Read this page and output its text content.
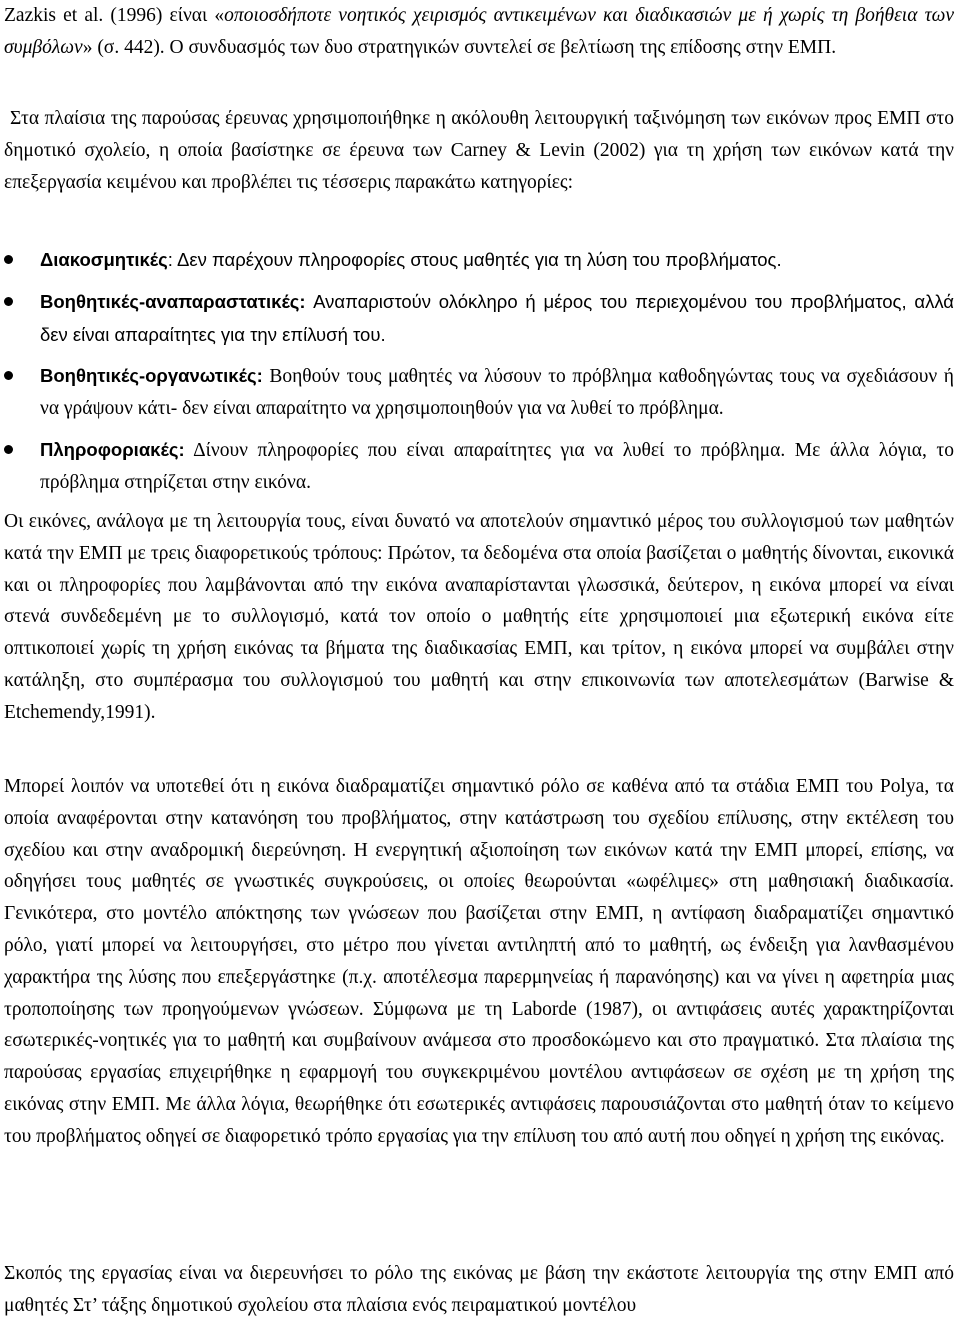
Zazkis et al. (1996) είναι «οποιοσδήποτε νοητικός χειρισμός αντικειμένων και διαδικασιών με ή χωρίς τη βοήθεια των συμβόλων» (σ. 442). Ο συνδυασμός των δυο στρατηγικών συντελεί σε βελτίωση της επίδοσης στην ΕΜΠ.

Στα πλαίσια της παρούσας έρευνας χρησιμοποιήθηκε η ακόλουθη λειτουργική ταξινόμηση των εικόνων προς ΕΜΠ στο δημοτικό σχολείο, η οποία βασίστηκε σε έρευνα των Carney & Levin (2002) για τη χρήση των εικόνων κατά την επεξεργασία κειμένου και προβλέπει τις τέσσερις παρακάτω κατηγορίες:

Διακοσμητικές: Δεν παρέχουν πληροφορίες στους μαθητές για τη λύση του προβλήματος.
Βοηθητικές-αναπαραστατικές: Αναπαριστούν ολόκληρο ή μέρος του περιεχομένου του προβλήματος, αλλά δεν είναι απαραίτητες για την επίλυσή του.
Βοηθητικές-οργανωτικές: Βοηθούν τους μαθητές να λύσουν το πρόβλημα καθοδηγώντας τους να σχεδιάσουν ή να γράψουν κάτι- δεν είναι απαραίτητο να χρησιμοποιηθούν για να λυθεί το πρόβλημα.
Πληροφοριακές: Δίνουν πληροφορίες που είναι απαραίτητες για να λυθεί το πρόβλημα. Με άλλα λόγια, το πρόβλημα στηρίζεται στην εικόνα.

Οι εικόνες, ανάλογα με τη λειτουργία τους, είναι δυνατό να αποτελούν σημαντικό μέρος του συλλογισμού των μαθητών κατά την ΕΜΠ με τρεις διαφορετικούς τρόπους: Πρώτον, τα δεδομένα στα οποία βασίζεται ο μαθητής δίνονται, εικονικά και οι πληροφορίες που λαμβάνονται από την εικόνα αναπαρίστανται γλωσσικά, δεύτερον, η εικόνα μπορεί να είναι στενά συνδεδεμένη με το συλλογισμό, κατά τον οποίο ο μαθητής είτε χρησιμοποιεί μια εξωτερική εικόνα είτε οπτικοποιεί χωρίς τη χρήση εικόνας τα βήματα της διαδικασίας ΕΜΠ, και τρίτον, η εικόνα μπορεί να συμβάλει στην κατάληξη, στο συμπέρασμα του συλλογισμού του μαθητή και στην επικοινωνία των αποτελεσμάτων (Barwise & Etchemendy,1991).

Μπορεί λοιπόν να υποτεθεί ότι η εικόνα διαδραματίζει σημαντικό ρόλο σε καθένα από τα στάδια ΕΜΠ του Polya, τα οποία αναφέρονται στην κατανόηση του προβλήματος, στην κατάστρωση του σχεδίου επίλυσης, στην εκτέλεση του σχεδίου και στην αναδρομική διερεύνηση. Η ενεργητική αξιοποίηση των εικόνων κατά την ΕΜΠ μπορεί, επίσης, να οδηγήσει τους μαθητές σε γνωστικές συγκρούσεις, οι οποίες θεωρούνται «ωφέλιμες» στη μαθησιακή διαδικασία. Γενικότερα, στο μοντέλο απόκτησης των γνώσεων που βασίζεται στην ΕΜΠ, η αντίφαση διαδραματίζει σημαντικό ρόλο, γιατί μπορεί να λειτουργήσει, στο μέτρο που γίνεται αντιληπτή από το μαθητή, ως ένδειξη για λανθασμένου χαρακτήρα της λύσης που επεξεργάστηκε (π.χ. αποτέλεσμα παρερμηνείας ή παρανόησης) και να γίνει η αφετηρία μιας τροποποίησης των προηγούμενων γνώσεων. Σύμφωνα με τη Laborde (1987), οι αντιφάσεις αυτές χαρακτηρίζονται εσωτερικές-νοητικές για το μαθητή και συμβαίνουν ανάμεσα στο προσδοκώμενο και στο πραγματικό. Στα πλαίσια της παρούσας εργασίας επιχειρήθηκε η εφαρμογή του συγκεκριμένου μοντέλου αντιφάσεων σε σχέση με τη χρήση της εικόνας στην ΕΜΠ. Με άλλα λόγια, θεωρήθηκε ότι εσωτερικές αντιφάσεις παρουσιάζονται στο μαθητή όταν το κείμενο του προβλήματος οδηγεί σε διαφορετικό τρόπο εργασίας για την επίλυση του από αυτή που οδηγεί η χρήση της εικόνας.

Σκοπός της εργασίας είναι να διερευνήσει το ρόλο της εικόνας με βάση την εκάστοτε λειτουργία της στην ΕΜΠ από μαθητές Στ’ τάξης δημοτικού σχολείου στα πλαίσια ενός πειραματικού μοντέλου
